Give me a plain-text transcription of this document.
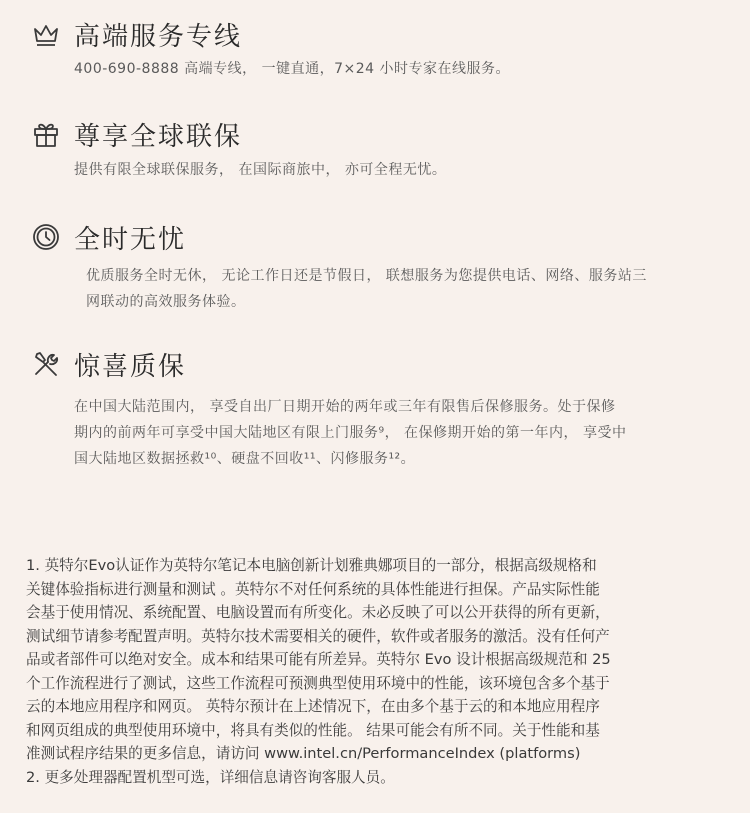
高端服务专线
400-690-8888 高端专线， 一键直通，7×24 小时专家在线服务。
尊享全球联保
提供有限全球联保服务， 在国际商旅中， 亦可全程无忧。
全时无忧
优质服务全时无休， 无论工作日还是节假日， 联想服务为您提供电话、网络、服务站三
网联动的高效服务体验。
惊喜质保
在中国大陆范围内， 享受自出厂日期开始的两年或三年有限售后保修服务。处于保修
期内的前两年可享受中国大陆地区有限上门服务⁹， 在保修期开始的第一年内， 享受中
国大陆地区数据拯救¹⁰、硬盘不回收¹¹、闪修服务¹²。
1. 英特尔Evo认证作为英特尔笔记本电脑创新计划雅典娜项目的一部分，根据高级规格和
关键体验指标进行测量和测试 。英特尔不对任何系统的具体性能进行担保。产品实际性能
会基于使用情况、系统配置、电脑设置而有所变化。未必反映了可以公开获得的所有更新，
测试细节请参考配置声明。英特尔技术需要相关的硬件，软件或者服务的激活。没有任何产
品或者部件可以绝对安全。成本和结果可能有所差异。英特尔 Evo 设计根据高级规范和 25
个工作流程进行了测试，这些工作流程可预测典型使用环境中的性能，该环境包含多个基于
云的本地应用程序和网页。 英特尔预计在上述情况下，在由多个基于云的和本地应用程序
和网页组成的典型使用环境中，将具有类似的性能。 结果可能会有所不同。关于性能和基
准测试程序结果的更多信息，请访问 www.intel.cn/PerformanceIndex (platforms)
2. 更多处理器配置机型可选，详细信息请咨询客服人员。
